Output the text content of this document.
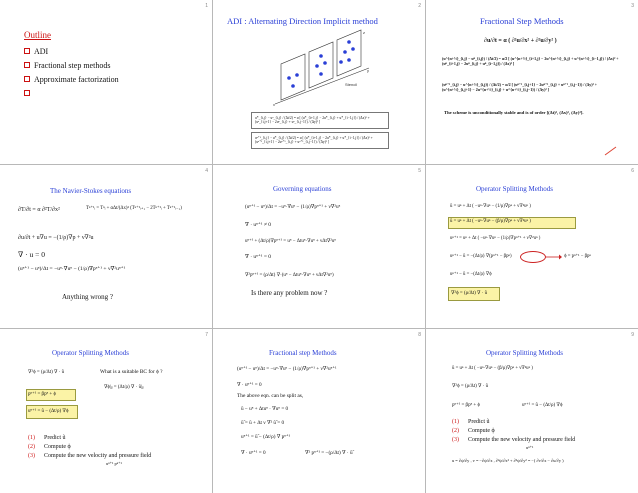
1
Outline
ADI
Fractional step methods
Approximate factorization
2
ADI : Alternating Direction Implicit method
x
y
z
Stencil
u*_{i,j} − uⁿ_{i,j} / (Δt/2) = α [ (u*_{i+1,j} − 2u*_{i,j} + u*_{i−1,j}) / (Δx)² + (uⁿ_{i,j+1} − 2uⁿ_{i,j} + uⁿ_{i,j−1}) / (Δy)² ]
uⁿ⁺¹_{i,j} − u*_{i,j} / (Δt/2) = α [ (u*_{i+1,j} − 2u*_{i,j} + u*_{i−1,j}) / (Δx)² + (uⁿ⁺¹_{i,j+1} − 2uⁿ⁺¹_{i,j} + uⁿ⁺¹_{i,j−1}) / (Δy)² ]
3
Fractional Step Methods
∂u/∂t = α ( ∂²u/∂x² + ∂²u/∂y² )
(u^{n+½}_{i,j} − uⁿ_{i,j}) / (Δt/2) = α/2 [ (u^{n+½}_{i+1,j} − 2u^{n+½}_{i,j} + u^{n+½}_{i−1,j}) / (Δx)² + (uⁿ_{i+1,j} − 2uⁿ_{i,j} + uⁿ_{i−1,j}) / (Δx)² ]
(uⁿ⁺¹_{i,j} − u^{n+½}_{i,j}) / (Δt/2) = α/2 [ (uⁿ⁺¹_{i,j+1} − 2uⁿ⁺¹_{i,j} + uⁿ⁺¹_{i,j−1}) / (Δy)² + (u^{n+½}_{i,j+1} − 2u^{n+½}_{i,j} + u^{n+½}_{i,j−1}) / (Δy)² ]
The scheme is unconditionally stable and is of order [(Δt)², (Δx)², (Δy)²].
4
The Navier-Stokes equations
∂T/∂t = α ∂²T/∂x²	Tⁿ⁺¹ᵢ = Tⁿᵢ + αΔt/(Δx)² (Tⁿ⁺¹ᵢ₊₁ − 2Tⁿ⁺¹ᵢ + Tⁿ⁺¹ᵢ₋₁)
∂u/∂t + u∇u = −(1/ρ)∇p + ν∇²u
∇ · u = 0
(uⁿ⁺¹ − uⁿ)/Δt = −uⁿ·∇uⁿ − (1/ρ)∇pⁿ⁺¹ + ν∇²uⁿ⁺¹
Anything wrong ?
5
Governing equations
(uⁿ⁺¹ − uⁿ)/Δt = −uⁿ·∇uⁿ − (1/ρ)∇pⁿ⁺¹ + ν∇²uⁿ
∇ · uⁿ⁺¹ ≠ 0
uⁿ⁺¹ + (Δt/ρ)∇pⁿ⁺¹ = uⁿ − Δtuⁿ·∇uⁿ + νΔt∇²uⁿ
∇ · uⁿ⁺¹ = 0
∇²pⁿ⁺¹ = (ρ/Δt) ∇·(uⁿ − Δtuⁿ·∇uⁿ + νΔt∇²uⁿ)
Is there any problem now ?
6
Operator Splitting Methods
ũ = uⁿ + Δt ( −uⁿ·∇uⁿ − (1/ρ)∇pⁿ + ν∇²uⁿ )
ũ = uⁿ + Δt ( −uⁿ·∇uⁿ − (β/ρ)∇pⁿ + ν∇²uⁿ )
uⁿ⁺¹ = uⁿ + Δt ( −uⁿ·∇uⁿ − (1/ρ)∇pⁿ⁺¹ + ν∇²uⁿ )
uⁿ⁺¹ − ũ = −(Δt/ρ) ∇(pⁿ⁺¹ − βpⁿ)	ϕ = pⁿ⁺¹ − βpⁿ
uⁿ⁺¹ − ũ = −(Δt/ρ) ∇ϕ
∇²ϕ = (ρ/Δt) ∇ · ũ
7
Operator Splitting Methods
∇²ϕ = (ρ/Δt) ∇ · ũ	What is a suitable BC for ϕ ?
∇ϕ|ᵦ = (Δt/ρ) ∇ · ũ|ᵦ
pⁿ⁺¹ = βpⁿ + ϕ
uⁿ⁺¹ = ũ − (Δt/ρ) ∇ϕ
(1)	Predict ũ
(2)	Compute ϕ
(3)	Compute the new velocity and pressure field
uⁿ⁺¹ pⁿ⁺¹
8
Fractional step Methods
(uⁿ⁺¹ − uⁿ)/Δt = −uⁿ·∇uⁿ − (1/ρ)∇pⁿ⁺¹ + ν∇²uⁿ⁺¹
∇ · uⁿ⁺¹ = 0
The above eqn. can be split as,
ũ − uⁿ + Δtuⁿ · ∇uⁿ = 0
ũ̃ = ũ + Δt ν ∇² ũ̃ = 0
uⁿ⁺¹ = ũ̃ − (Δt/ρ) ∇ pⁿ⁺¹
∇ · uⁿ⁺¹ = 0	∇² pⁿ⁺¹ = −(ρ/Δt) ∇ · ũ̃
9
Operator Splitting Methods
ũ = uⁿ + Δt ( −uⁿ·∇uⁿ − (β/ρ)∇pⁿ + ν∇²uⁿ )
∇²ϕ = (ρ/Δt) ∇ · ũ
pⁿ⁺¹ = βpⁿ + ϕ	uⁿ⁺¹ = ũ − (Δt/ρ) ∇ϕ
(1)	Predict ũ
(2)	Compute ϕ
(3)	Compute the new velocity and pressure field
uⁿ⁺¹
u = ∂ψ/∂y , v = −∂ψ/∂x , ∂²ψ/∂x² + ∂²ψ/∂y² = −( ∂v/∂x − ∂u/∂y )
